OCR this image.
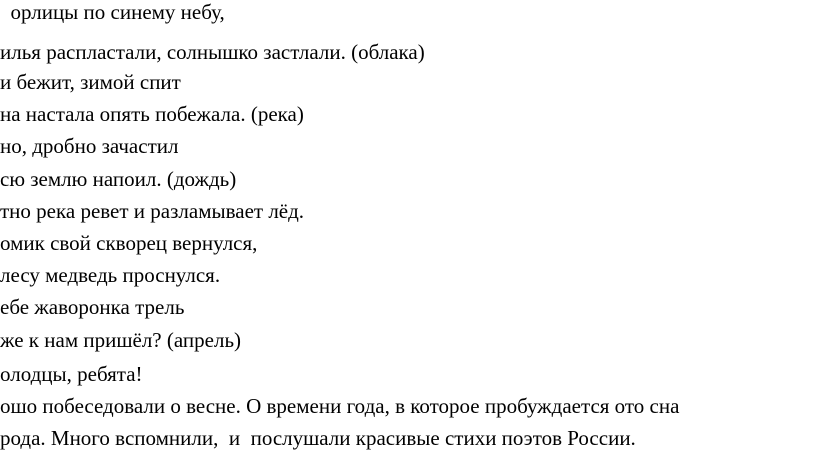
орлицы по синему небу,

илья распластали, солнышко застлали. (облака)

и бежит, зимой спит

на настала опять побежала. (река)

но, дробно зачастил

сю землю напоил. (дождь)

тно река ревет и разламывает лёд.

омик свой скворец вернулся,

лесу медведь проснулся.

ебе жаворонка трель

же к нам пришёл? (апрель)

олодцы, ребята!

ошо побеседовали о весне. О времени года, в которое пробуждается ото сна

рода. Много вспомнили,  и  послушали красивые стихи поэтов России.
